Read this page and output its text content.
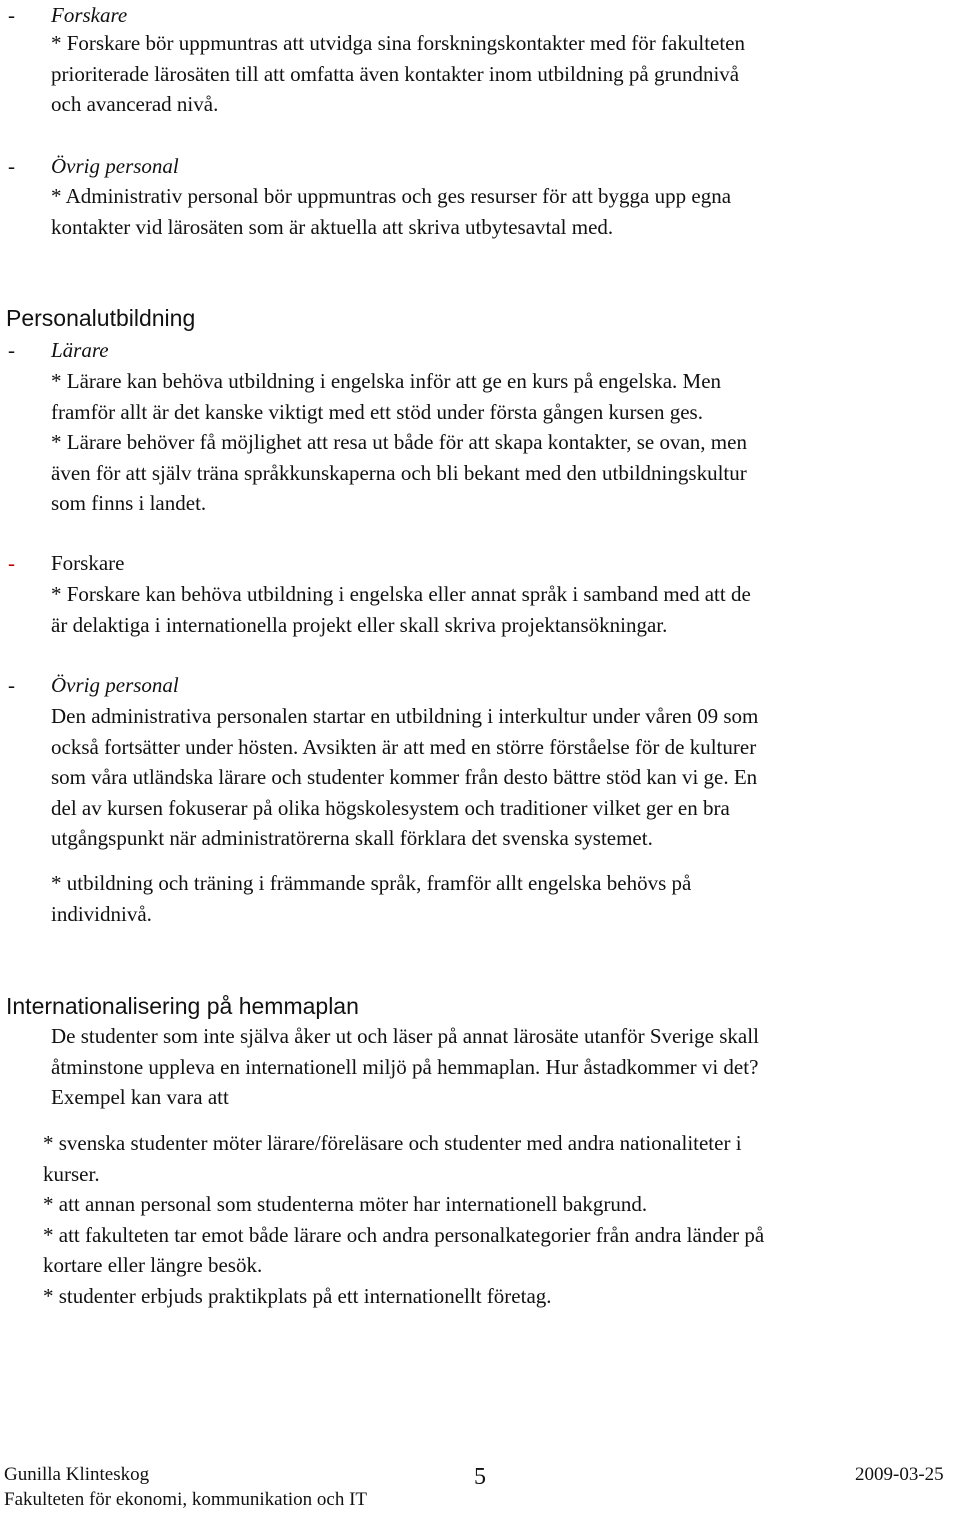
- Forskare

* Forskare bör uppmuntras att utvidga sina forskningskontakter med för fakulteten

prioriterade lärosäten till att omfatta även kontakter inom utbildning på grundnivå

och avancerad nivå.

- Övrig personal

* Administrativ personal bör uppmuntras och ges resurser för att bygga upp egna

kontakter vid lärosäten som är aktuella att skriva utbytesavtal med.

Personalutbildning
- Lärare

* Lärare kan behöva utbildning i engelska inför att ge en kurs på engelska. Men

framför allt är det kanske viktigt med ett stöd under första gången kursen ges.

* Lärare behöver få möjlighet att resa ut både för att skapa kontakter, se ovan, men

även för att själv träna språkkunskaperna och bli bekant med den utbildningskultur

som finns i landet.

- Forskare

* Forskare kan behöva utbildning i engelska eller annat språk i samband med att de

är delaktiga i internationella projekt eller skall skriva projektansökningar.

- Övrig personal

Den administrativa personalen startar en utbildning i interkultur under våren 09 som

också fortsätter under hösten. Avsikten är att med en större förståelse för de kulturer

som våra utländska lärare och studenter kommer från desto bättre stöd kan vi ge. En

del av kursen fokuserar på olika högskolesystem och traditioner vilket ger en bra

utgångspunkt när administratörerna skall förklara det svenska systemet.

* utbildning och träning i främmande språk, framför allt engelska behövs på

individnivå.

Internationalisering på hemmaplan

De studenter som inte själva åker ut och läser på annat lärosäte utanför Sverige skall

åtminstone uppleva en internationell miljö på hemmaplan. Hur åstadkommer vi det?

Exempel kan vara att

* svenska studenter möter lärare/föreläsare och studenter med andra nationaliteter i

kurser.

* att annan personal som studenterna möter har internationell bakgrund.

* att fakulteten tar emot både lärare och andra personalkategorier från andra länder på

kortare eller längre besök.

* studenter erbjuds praktikplats på ett internationellt företag.

Gunilla Klinteskog
Fakulteten för ekonomi, kommunikation och IT
5	2009-03-25
